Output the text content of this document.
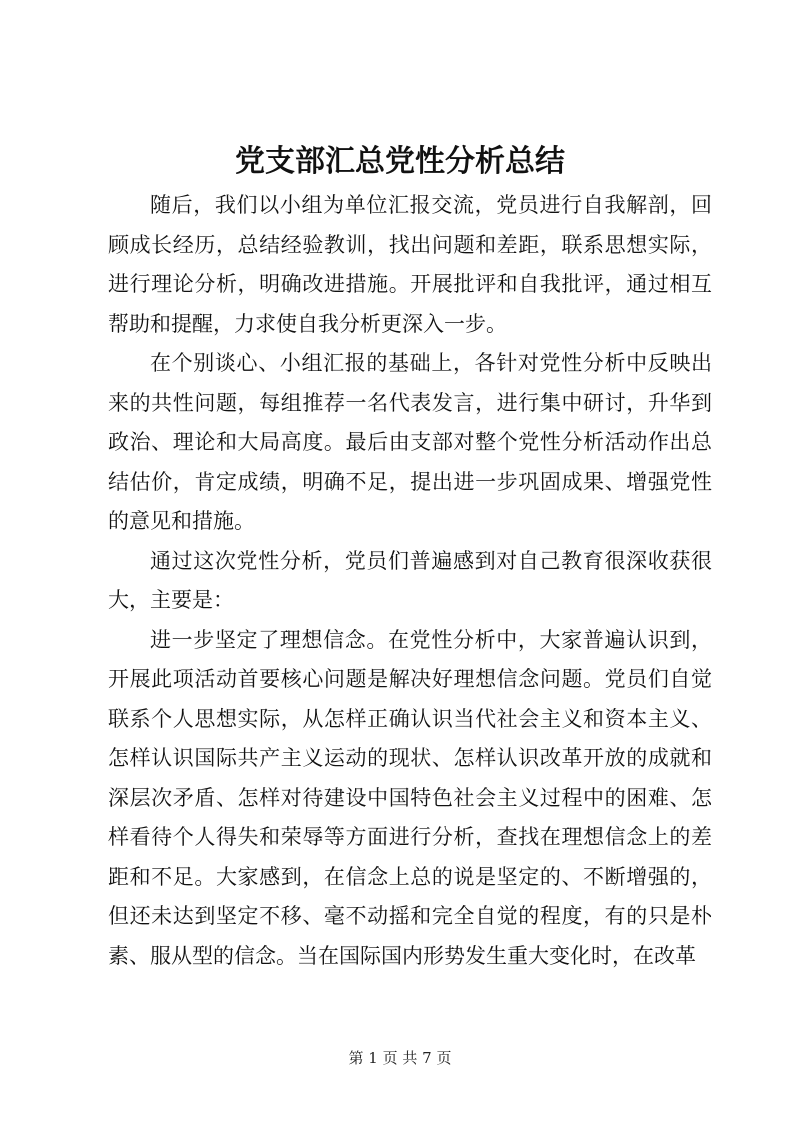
党支部汇总党性分析总结

随后，我们以小组为单位汇报交流，党员进行自我解剖，回顾成长经历，总结经验教训，找出问题和差距，联系思想实际，进行理论分析，明确改进措施。开展批评和自我批评，通过相互帮助和提醒，力求使自我分析更深入一步。

在个别谈心、小组汇报的基础上，各针对党性分析中反映出来的共性问题，每组推荐一名代表发言，进行集中研讨，升华到政治、理论和大局高度。最后由支部对整个党性分析活动作出总结估价，肯定成绩，明确不足，提出进一步巩固成果、增强党性的意见和措施。

通过这次党性分析，党员们普遍感到对自己教育很深收获很大，主要是：

进一步坚定了理想信念。在党性分析中，大家普遍认识到，开展此项活动首要核心问题是解决好理想信念问题。党员们自觉联系个人思想实际，从怎样正确认识当代社会主义和资本主义、怎样认识国际共产主义运动的现状、怎样认识改革开放的成就和深层次矛盾、怎样对待建设中国特色社会主义过程中的困难、怎样看待个人得失和荣辱等方面进行分析，查找在理想信念上的差距和不足。大家感到，在信念上总的说是坚定的、不断增强的，但还未达到坚定不移、毫不动摇和完全自觉的程度，有的只是朴素、服从型的信念。当在国际国内形势发生重大变化时，在改革

第 1 页 共 7 页
